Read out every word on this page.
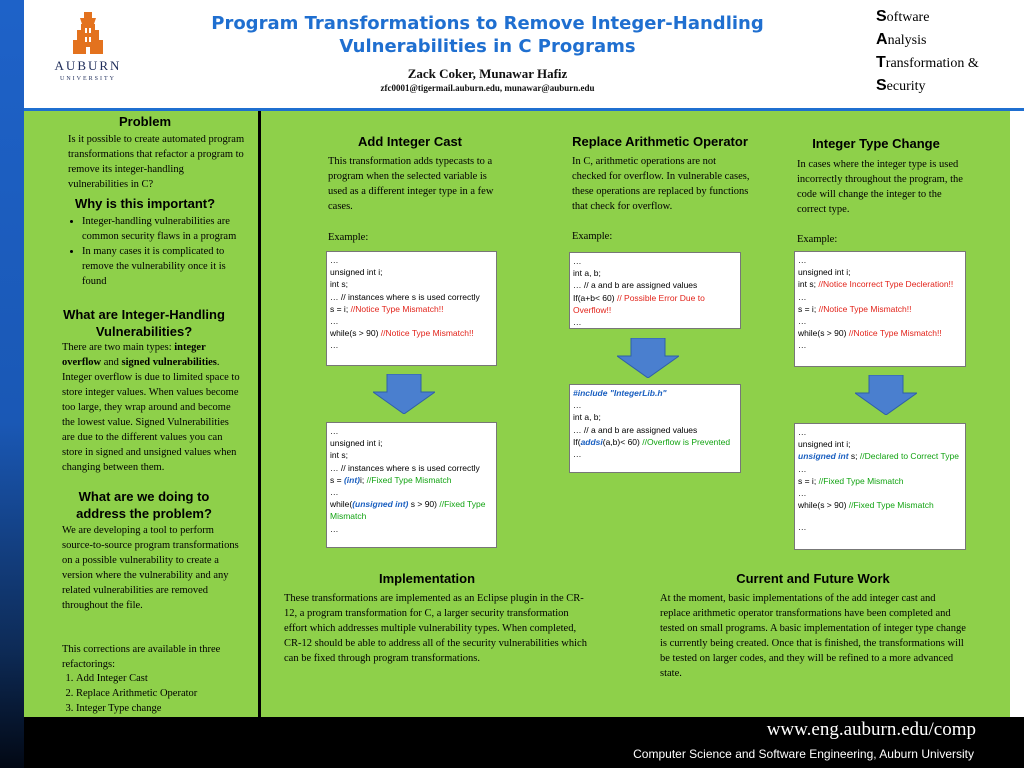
AUBURN
UNIVERSITY
Program Transformations to Remove Integer-Handling Vulnerabilities in C Programs
Zack Coker, Munawar Hafiz
zfc0001@tigermail.auburn.edu, munawar@auburn.edu
Software
Analysis
Transformation &
Security
Problem
Is it possible to create automated program transformations that refactor a program to remove its integer-handling vulnerabilities in C?
Why is this important?
• Integer-handling vulnerabilities are common security flaws in a program
• In many cases it is complicated to remove the vulnerability once it is found
What are Integer-Handling Vulnerabilities?
There are two main types: integer overflow and signed vulnerabilities. Integer overflow is due to limited space to store integer values. When values become too large, they wrap around and become the lowest value. Signed Vulnerabilities are due to the different values you can store in signed and unsigned values when changing between them.
What are we doing to address the problem?
We are developing a tool to perform source-to-source program transformations on a possible vulnerability to create a version where the vulnerability and any related vulnerabilities are removed throughout the file.
This corrections are available in three refactorings:
1. Add Integer Cast
2. Replace Arithmetic Operator
3. Integer Type change
Add Integer Cast
This transformation adds typecasts to a program when the selected variable is used as a different integer type in a few cases.
Example:
…
unsigned int i;
int s;
… // instances where s is used correctly
s = i; //Notice Type Mismatch!!
…
while(s > 90) //Notice Type Mismatch!!
…
…
unsigned int i;
int s;
… // instances where s is used correctly
s = (int)i; //Fixed Type Mismatch
…
while((unsigned int) s > 90) //Fixed Type Mismatch
…
Replace Arithmetic Operator
In C, arithmetic operations are not checked for overflow. In vulnerable cases, these operations are replaced by functions that check for overflow.
Example:
…
int a, b;
… // a and b are assigned values
If(a+b< 60) // Possible Error Due to Overflow!!
…
#include "IntegerLib.h"
…
int a, b;
… // a and b are assigned values
If(addsi(a,b)< 60) //Overflow is Prevented
…
Integer Type Change
In cases where the integer type is used incorrectly throughout the program, the code will change the integer to the correct type.
Example:
…
unsigned int i;
int s; //Notice Incorrect Type Decleration!!
…
s = i; //Notice Type Mismatch!!
…
while(s > 90) //Notice Type Mismatch!!
…
…
unsigned int i;
unsigned int s; //Declared to Correct Type
…
s = i; //Fixed Type Mismatch
…
while(s > 90) //Fixed Type Mismatch
…
Implementation
These transformations are implemented as an Eclipse plugin in the CR-12, a program transformation for C, a larger security transformation effort which addresses multiple vulnerability types. When completed, CR-12 should be able to address all of the security vulnerabilities which can be fixed through program transformations.
Current and Future Work
At the moment, basic implementations of the add integer cast and replace arithmetic operator transformations have been completed and tested on small programs. A basic implementation of integer type change is currently being created. Once that is finished, the transformations will be tested on larger codes, and they will be refined to a more advanced state.
www.eng.auburn.edu/comp
Computer Science and Software Engineering, Auburn University
